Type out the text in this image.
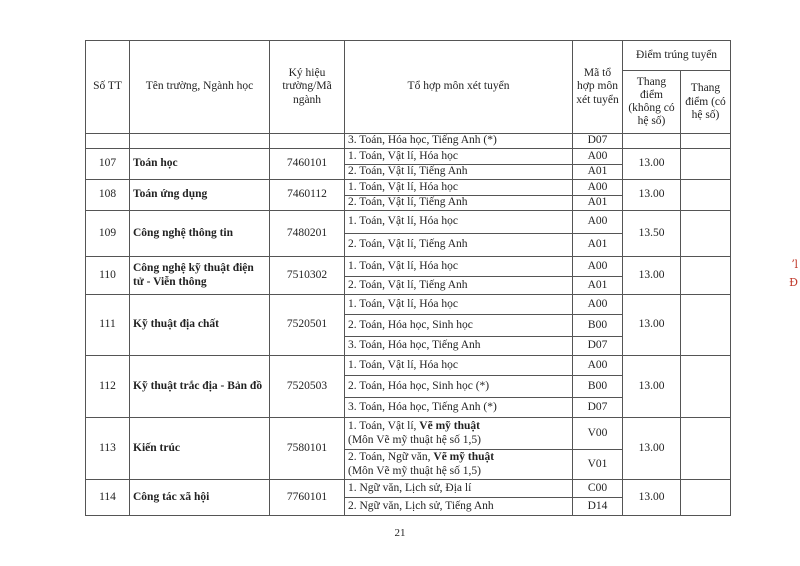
Số TT	Tên trường, Ngành học	Ký hiệu trường/Mã ngành	Tổ hợp môn xét tuyển	Mã tổ hợp môn xét tuyển	Điểm trúng tuyển	
					Thang điểm (không có hệ số)	Thang điểm (có hệ số)
			3. Toán, Hóa học, Tiếng Anh (*)	D07		
107	Toán học	7460101	1. Toán, Vật lí, Hóa học	A00	13.00	
			2. Toán, Vật lí, Tiếng Anh	A01		
108	Toán ứng dụng	7460112	1. Toán, Vật lí, Hóa học	A00	13.00	
			2. Toán, Vật lí, Tiếng Anh	A01		
109	Công nghệ thông tin	7480201	1. Toán, Vật lí, Hóa học	A00	13.50	
			2. Toán, Vật lí, Tiếng Anh	A01		
110	Công nghệ kỹ thuật điện tử - Viễn thông	7510302	1. Toán, Vật lí, Hóa học	A00	13.00	
			2. Toán, Vật lí, Tiếng Anh	A01		
111	Kỹ thuật địa chất	7520501	1. Toán, Vật lí, Hóa học	A00	13.00	
			2. Toán, Hóa học, Sinh học	B00		
			3. Toán, Hóa học, Tiếng Anh	D07		
112	Kỹ thuật trắc địa - Bản đồ	7520503	1. Toán, Vật lí, Hóa học	A00	13.00	
			2. Toán, Hóa học, Sinh học (*)	B00		
			3. Toán, Hóa học, Tiếng Anh (*)	D07		
113	Kiến trúc	7580101	1. Toán, Vật lí, Vẽ mỹ thuật
(Môn Vẽ mỹ thuật hệ số 1,5)	V00	13.00	
			2. Toán, Ngữ văn, Vẽ mỹ thuật
(Môn Vẽ mỹ thuật hệ số 1,5)	V01		
114	Công tác xã hội	7760101	1. Ngữ văn, Lịch sử, Địa lí	C00	13.00	
			2. Ngữ văn, Lịch sử, Tiếng Anh	D14		
21
ʼl
Đ
